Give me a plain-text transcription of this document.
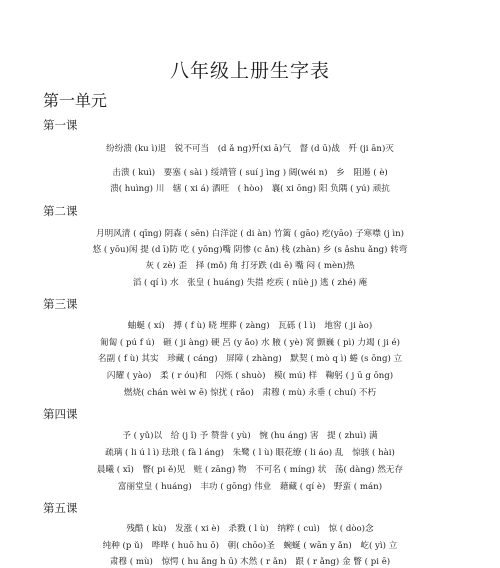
八年级上册生字表
第一单元
第一课
纷纷溃 (ku ì)退　锐不可当　(d ǎ ng)歼(xi ā)气　督 (d ū)战　歼 (ji ān)灭
击溃 ( kuì)　要塞 ( sài ) 绥靖管 ( suí j ìng ) 阔(wéi n)　乡　阻遏 ( è)
溃( huìng) 川　辖 ( xi á) 酒旺　( hòo)　襄( xi ōng) 阳 负隅 ( yú) 顽抗
第二课
月明风清 ( qīng) 阴森 ( sēn) 白洋淀 ( di àn) 竹篱 ( gāo) 疙(yāo) 子寒噤 (j ìn)
悠 ( yōu)闲 提 (d ī)防 吃 ( yōng)嘴 阴惨 (c ǎn) 栈 (zhàn) 乡 (s ǎshu ǎng) 转弯
灰 ( zè) 歪　择 (mǒ) 角 打牙跌 (di ē) 嘴 闷 ( mèn)热
滔 ( qí ì) 水　张皇 ( huáng) 失措 疙疾 ( nüè j) 逃 ( zhé) 庵
第三课
蚰蜒 ( xí)　搏 ( f ù) 晓 埋葬 ( zàng)　瓦砾 ( l ì)　地窖 ( ji ào)
匍匐 ( pú f ú)　砸 ( ji àng) 硬 呂 (y ǎo) 水 腋 ( yè) 窝 颤巍 ( pì) 力竭 ( ji é)
名副 ( f ù) 其实　珍藏 ( cáng)　屏障 ( zhàng)　默契 ( mò q ì) 蜷 (s ōng) 立
闪耀 ( yào)　柔 ( r óu)和　闪烁 ( shuò)　模( mú) 样　鞠躬 ( j ū g ōng)
燃烧( chán wèi w ē) 惊扰 ( rǎo)　肃穆 ( mù) 永垂 ( chuí) 不朽
第四课
予 ( yǔ)以　给 (j ǐ) 予 赞誉 ( yù)　惋 (hu áng) 害　提 ( zhuì) 满
疏璃 ( li ú l ì) 珐琅 ( fà l áng)　朱鹭 ( l ù) 眼花缭 ( li áo) 乱　惊骇 ( hài)
晨曦 ( xī)　瞥( pi ě)见　赃 ( zāng) 物　不可名 ( míng) 状　荡( dàng) 然无存
富丽堂皇 ( huáng)　丰功 ( gōng) 伟业　藉藏 ( qí è)　野蛮 ( mán)
第五课
残酷 ( kù)　发涨 ( xi è)　杀戮 ( l ù)　纳粹 ( cuì)　惊 ( dòo)念
纯种 (p ǔ)　哗哗 ( huō hu ō)　朝( chōo)圣　蜿蜒 ( wān y ǎn)　屹( yì) 立
肃穆 ( mù)　惊愕 ( hu ǎng h ū) 木然 ( r ǎn)　跟 ( r ǎng) 金 瞥 ( pi ē)
